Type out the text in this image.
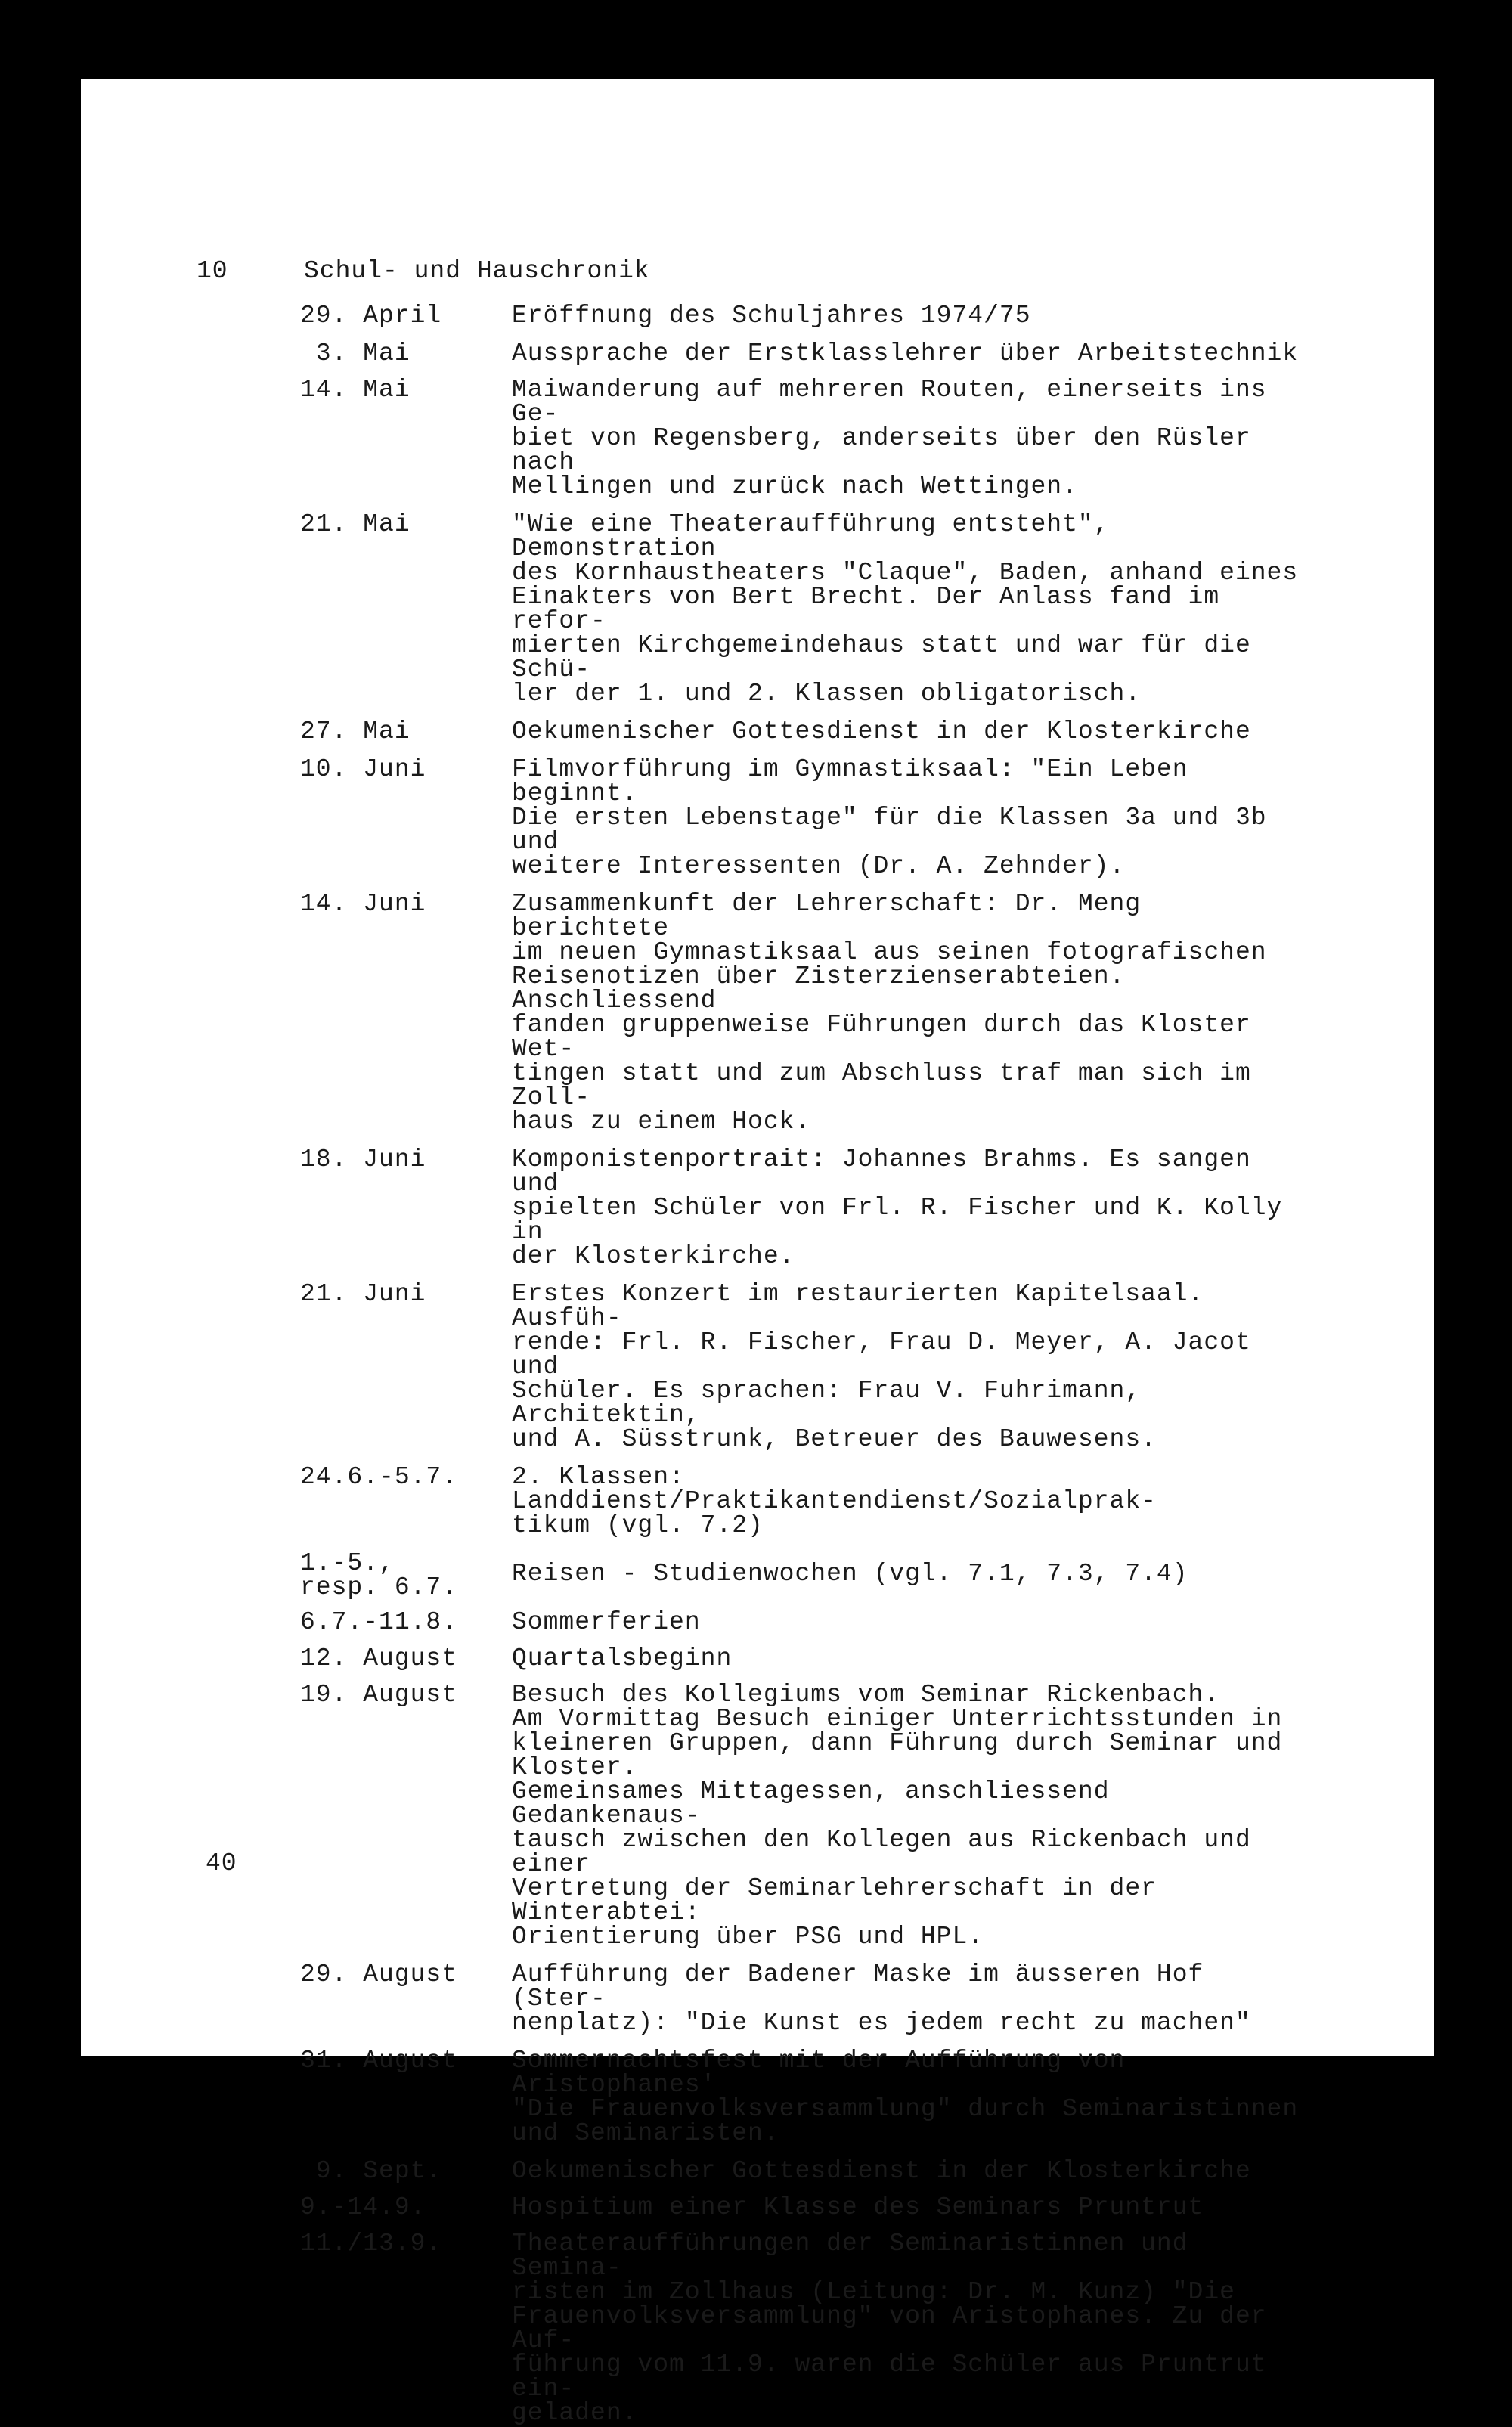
10	Schul- und Hauschronik
29. April	Eröffnung des Schuljahres 1974/75
3. Mai	Aussprache der Erstklasslehrer über Arbeitstechnik
14. Mai	Maiwanderung auf mehreren Routen, einerseits ins Ge-
biet von Regensberg, anderseits über den Rüsler nach
Mellingen und zurück nach Wettingen.
21. Mai	"Wie eine Theateraufführung entsteht", Demonstration
des Kornhaustheaters "Claque", Baden, anhand eines
Einakters von Bert Brecht. Der Anlass fand im refor-
mierten Kirchgemeindehaus statt und war für die Schü-
ler der 1. und 2. Klassen obligatorisch.
27. Mai	Oekumenischer Gottesdienst in der Klosterkirche
10. Juni	Filmvorführung im Gymnastiksaal: "Ein Leben beginnt.
Die ersten Lebenstage" für die Klassen 3a und 3b und
weitere Interessenten (Dr. A. Zehnder).
14. Juni	Zusammenkunft der Lehrerschaft: Dr. Meng berichtete
im neuen Gymnastiksaal aus seinen fotografischen
Reisenotizen über Zisterzienserabteien. Anschliessend
fanden gruppenweise Führungen durch das Kloster Wet-
tingen statt und zum Abschluss traf man sich im Zoll-
haus zu einem Hock.
18. Juni	Komponistenportrait: Johannes Brahms. Es sangen und
spielten Schüler von Frl. R. Fischer und K. Kolly in
der Klosterkirche.
21. Juni	Erstes Konzert im restaurierten Kapitelsaal. Ausfüh-
rende: Frl. R. Fischer, Frau D. Meyer, A. Jacot und
Schüler. Es sprachen: Frau V. Fuhrimann, Architektin,
und A. Süsstrunk, Betreuer des Bauwesens.
24.6.-5.7.	2. Klassen: Landdienst/Praktikantendienst/Sozialprak-
tikum (vgl. 7.2)
1.-5.,
resp. 6.7.	Reisen - Studienwochen (vgl. 7.1, 7.3, 7.4)
6.7.-11.8.	Sommerferien
12. August	Quartalsbeginn
19. August	Besuch des Kollegiums vom Seminar Rickenbach.
Am Vormittag Besuch einiger Unterrichtsstunden in
kleineren Gruppen, dann Führung durch Seminar und
Kloster.
Gemeinsames Mittagessen, anschliessend Gedankenaus-
tausch zwischen den Kollegen aus Rickenbach und einer
Vertretung der Seminarlehrerschaft in der Winterabtei:
Orientierung über PSG und HPL.
29. August	Aufführung der Badener Maske im äusseren Hof (Ster-
nenplatz): "Die Kunst es jedem recht zu machen"
31. August	Sommernachtsfest mit der Aufführung von Aristophanes'
"Die Frauenvolksversammlung" durch Seminaristinnen
und Seminaristen.
9. Sept.	Oekumenischer Gottesdienst in der Klosterkirche
9.-14.9.	Hospitium einer Klasse des Seminars Pruntrut
11./13.9.	Theateraufführungen der Seminaristinnen und Semina-
risten im Zollhaus (Leitung: Dr. M. Kunz) "Die
Frauenvolksversammlung" von Aristophanes. Zu der Auf-
führung vom 11.9. waren die Schüler aus Pruntrut ein-
geladen.
40
